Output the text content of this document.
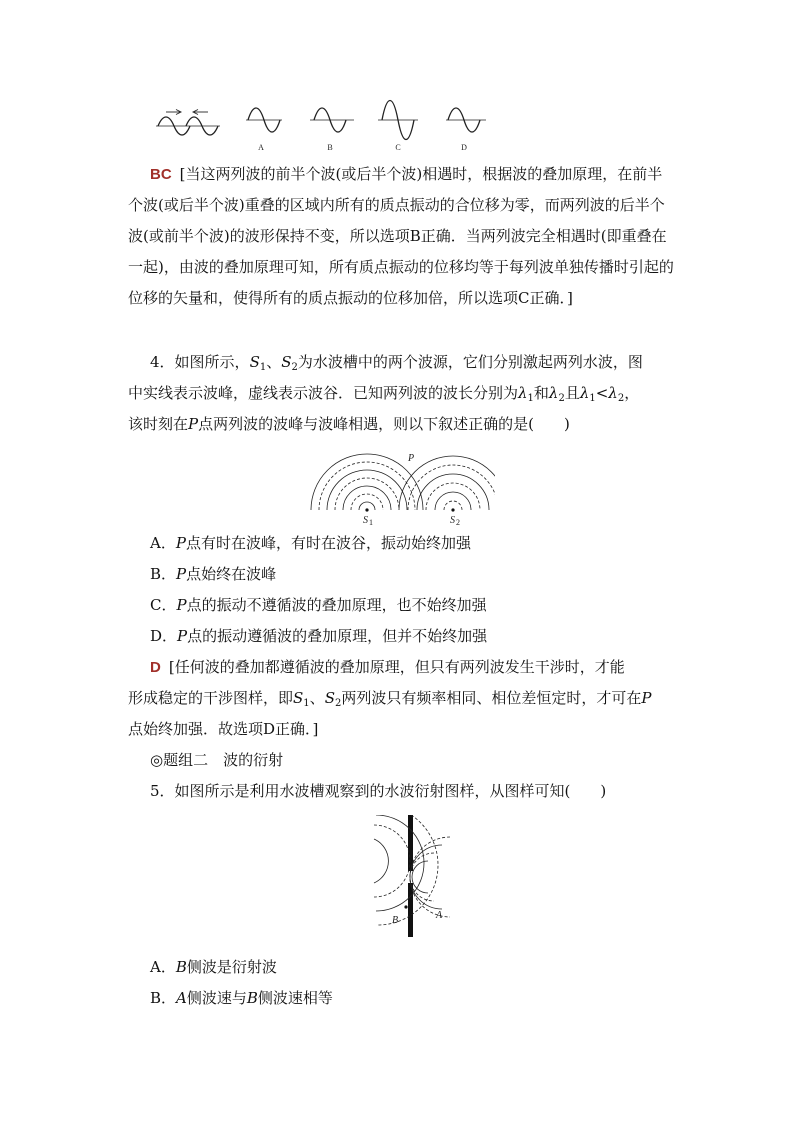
A	B	C	D

BC [当这两列波的前半个波(或后半个波)相遇时，根据波的叠加原理，在前半个波(或后半个波)重叠的区域内所有的质点振动的合位移为零，而两列波的后半个波(或前半个波)的波形保持不变，所以选项B正确．当两列波完全相遇时(即重叠在一起)，由波的叠加原理可知，所有质点振动的位移均等于每列波单独传播时引起的位移的矢量和，使得所有的质点振动的位移加倍，所以选项C正确．]

4．如图所示，$S_1$、$S_2$为水波槽中的两个波源，它们分别激起两列水波，图
中实线表示波峰，虚线表示波谷．已知两列波的波长分别为$\lambda_1$和$\lambda_2$且$\lambda_1<\lambda_2$，
该时刻在P点两列波的波峰与波峰相遇，则以下叙述正确的是(　　)
P
S 1	S 2
A．P点有时在波峰，有时在波谷，振动始终加强
B．P点始终在波峰
C．P点的振动不遵循波的叠加原理，也不始终加强
D．P点的振动遵循波的叠加原理，但并不始终加强
D [任何波的叠加都遵循波的叠加原理，但只有两列波发生干涉时，才能
形成稳定的干涉图样，即$S_1$、$S_2$两列波只有频率相同、相位差恒定时，才可在P
点始终加强．故选项D正确．]
◎题组二　波的衍射
5．如图所示是利用水波槽观察到的水波衍射图样，从图样可知(　　)
B	A
A．B侧波是衍射波
B．A侧波速与B侧波速相等
